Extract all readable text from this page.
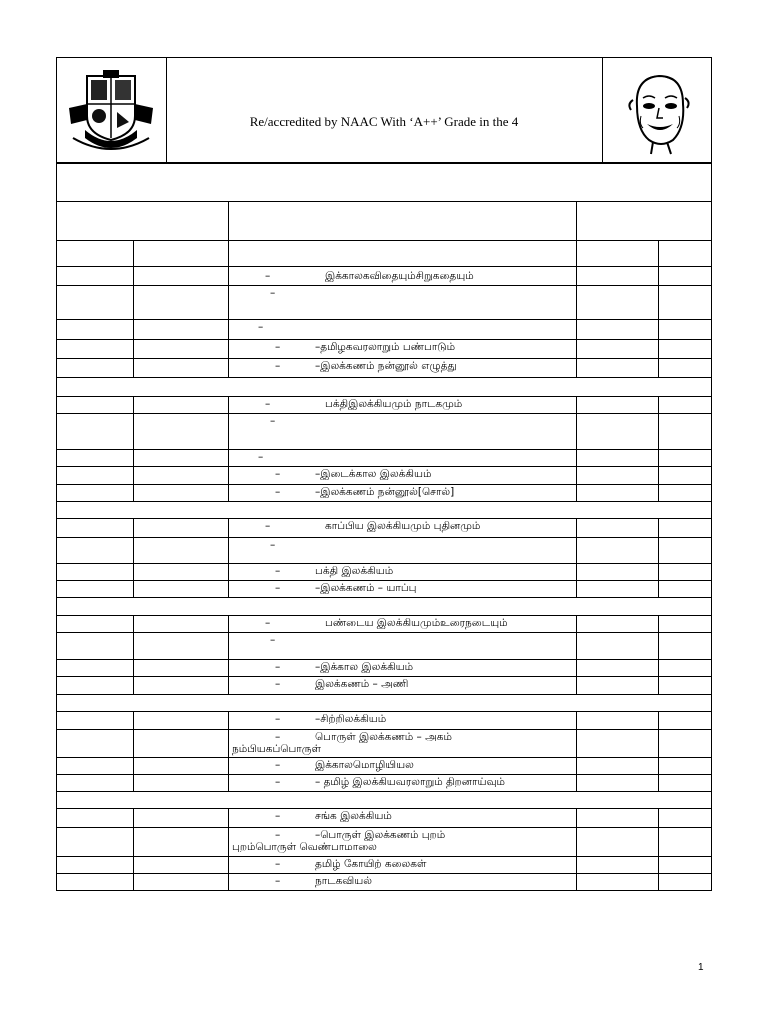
Re/accredited by NAAC With ‘A++’ Grade in the 4
–	இக்காலகவிதையும்சிறுகதையும்
–
–
–	–தமிழகவரலாறும் பண்பாடும்
–	–இலக்கணம் நன்னூல் எழுத்து
–	பக்திஇலக்கியமும் நாடகமும்
–
–
–	–இடைக்கால இலக்கியம்
–	–இலக்கணம் நன்னூல்[சொல்]
–	காப்பிய இலக்கியமும் புதினமும்
–
–	பக்தி இலக்கியம்
–	–இலக்கணம் – யாப்பு
–	பண்டைய இலக்கியமும்உரைநடையும்
–
–	–இக்கால இலக்கியம்
–	இலக்கணம் – அணி
–	–சிற்றிலக்கியம்
–	பொருள் இலக்கணம் – அகம்
நம்பியகப்பொருள்
–	இக்காலமொழியியல
–	– தமிழ் இலக்கியவரலாறும் திறனாய்வும்
–	சங்க இலக்கியம்
–	–பொருள் இலக்கணம் புறம்
புறம்பொருள் வெண்பாமாலை
–	தமிழ் கோயிற் கலைகள்
–	நாடகவியல்
1
